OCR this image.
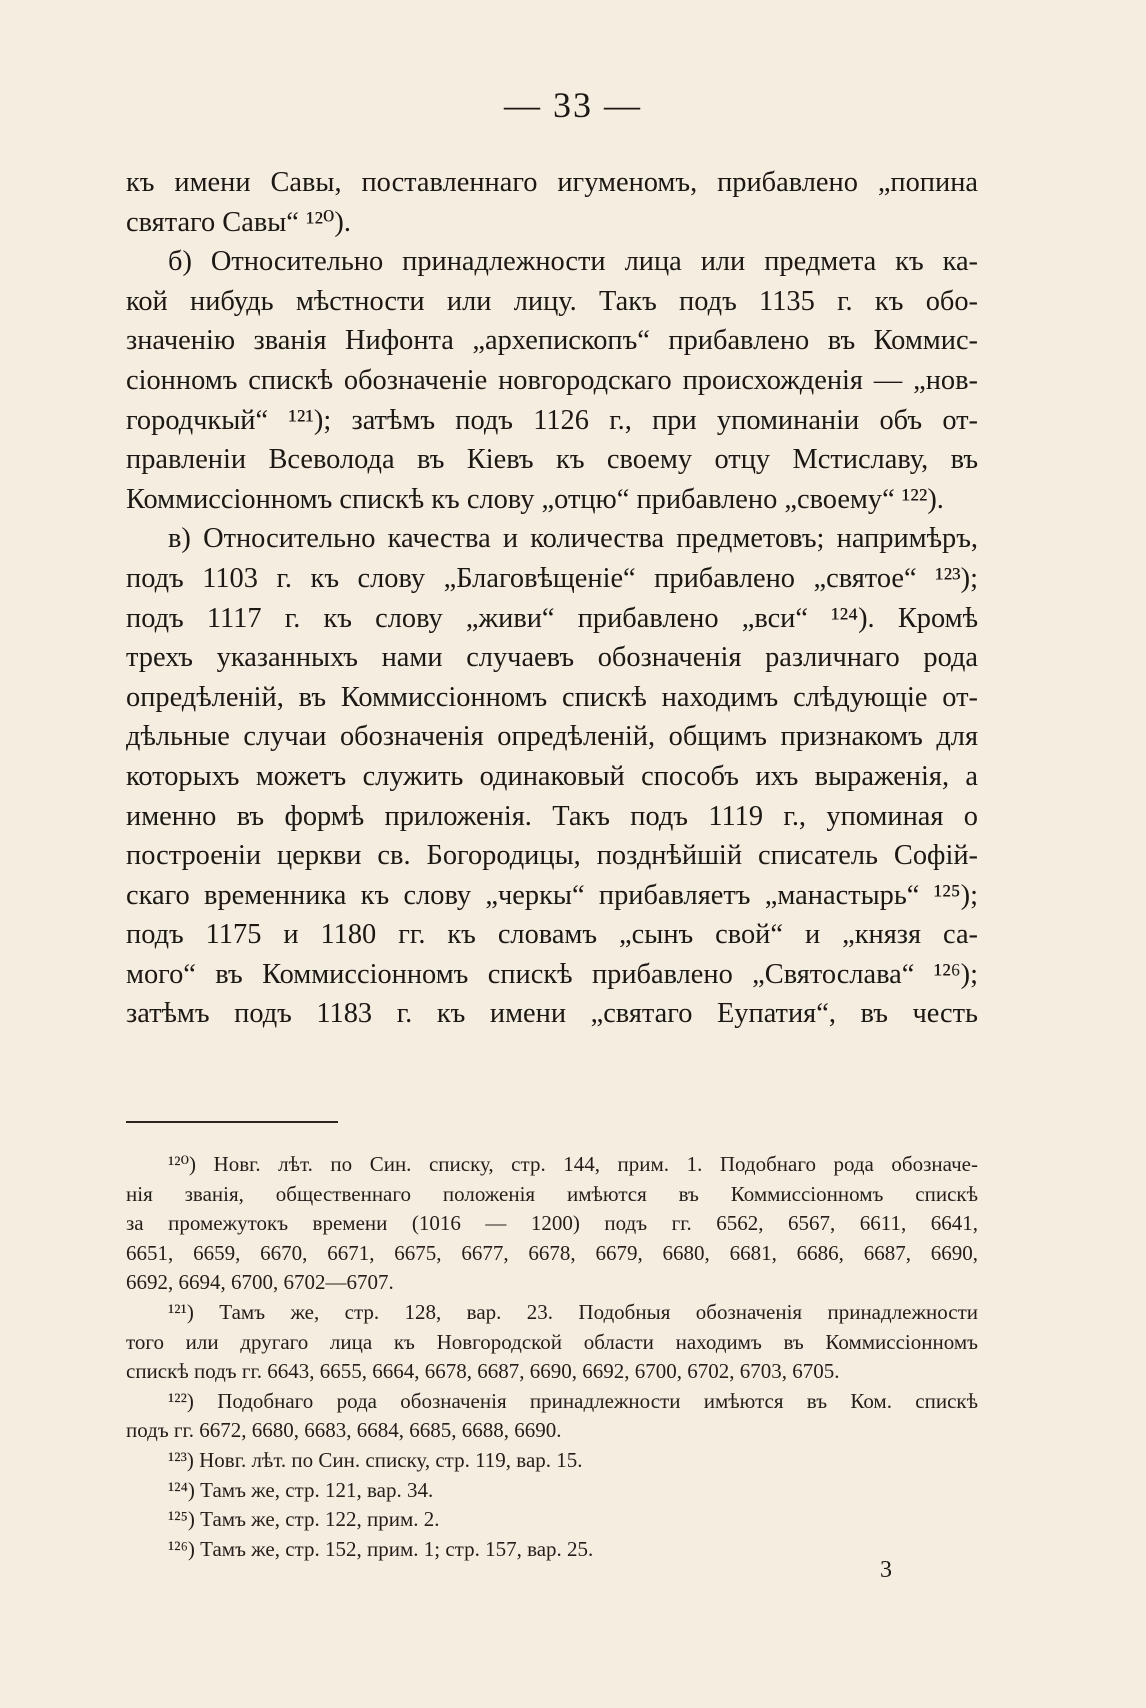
— 33 —
къ имени Савы, поставленнаго игуменомъ, прибавлено „попина
святаго Савы“ ¹²⁰).
б) Относительно принадлежности лица или предмета къ ка-
кой нибудь мѣстности или лицу. Такъ подъ 1135 г. къ обо-
значенію званія Нифонта „архепископъ“ прибавлено въ Коммис-
сіонномъ спискѣ обозначеніе новгородскаго происхожденія — „нов-
городчкый“ ¹²¹); затѣмъ подъ 1126 г., при упоминаніи объ от-
правленіи Всеволода въ Кіевъ къ своему отцу Мстиславу, въ
Коммиссіонномъ спискѣ къ слову „отцю“ прибавлено „своему“ ¹²²).
в) Относительно качества и количества предметовъ; напримѣръ,
подъ 1103 г. къ слову „Благовѣщеніе“ прибавлено „святое“ ¹²³);
подъ 1117 г. къ слову „живи“ прибавлено „вси“ ¹²⁴). Кромѣ
трехъ указанныхъ нами случаевъ обозначенія различнаго рода
опредѣленій, въ Коммиссіонномъ спискѣ находимъ слѣдующіе от-
дѣльные случаи обозначенія опредѣленій, общимъ признакомъ для
которыхъ можетъ служить одинаковый способъ ихъ выраженія, а
именно въ формѣ приложенія. Такъ подъ 1119 г., упоминая о
построеніи церкви св. Богородицы, позднѣйшій списатель Софій-
скаго временника къ слову „черкы“ прибавляетъ „манастырь“ ¹²⁵);
подъ 1175 и 1180 гг. къ словамъ „сынъ свой“ и „князя са-
мого“ въ Коммиссіонномъ спискѣ прибавлено „Святослава“ ¹²⁶);
затѣмъ подъ 1183 г. къ имени „святаго Еупатия“, въ честь
¹²⁰) Новг. лѣт. по Син. списку, стр. 144, прим. 1. Подобнаго рода обозначе-
нія званія, общественнаго положенія имѣются въ Коммиссіонномъ спискѣ
за промежутокъ времени (1016 — 1200) подъ гг. 6562, 6567, 6611, 6641,
6651, 6659, 6670, 6671, 6675, 6677, 6678, 6679, 6680, 6681, 6686, 6687, 6690,
6692, 6694, 6700, 6702—6707.
¹²¹) Тамъ же, стр. 128, вар. 23. Подобныя обозначенія принадлежности
того или другаго лица къ Новгородской области находимъ въ Коммиссіонномъ
спискѣ подъ гг. 6643, 6655, 6664, 6678, 6687, 6690, 6692, 6700, 6702, 6703, 6705.
¹²²) Подобнаго рода обозначенія принадлежности имѣются въ Ком. спискѣ
подъ гг. 6672, 6680, 6683, 6684, 6685, 6688, 6690.
¹²³) Новг. лѣт. по Син. списку, стр. 119, вар. 15.
¹²⁴) Тамъ же, стр. 121, вар. 34.
¹²⁵) Тамъ же, стр. 122, прим. 2.
¹²⁶) Тамъ же, стр. 152, прим. 1; стр. 157, вар. 25.
3
